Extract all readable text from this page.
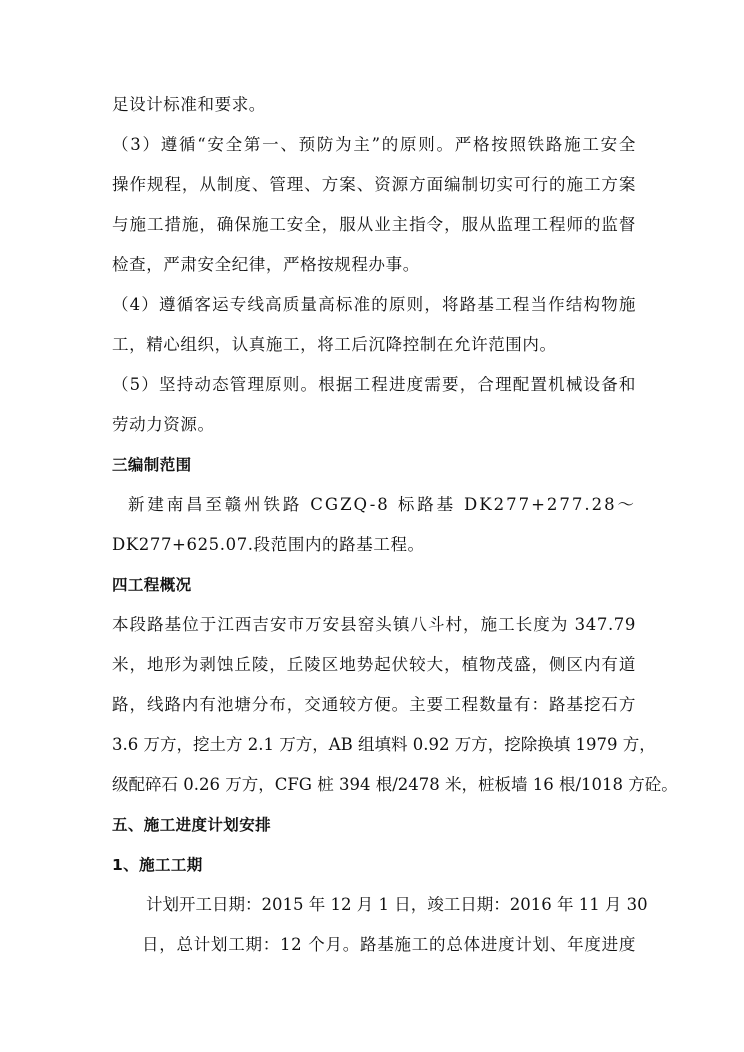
足设计标准和要求。
（3）遵循“安全第一、预防为主”的原则。严格按照铁路施工安全
操作规程，从制度、管理、方案、资源方面编制切实可行的施工方案
与施工措施，确保施工安全，服从业主指令，服从监理工程师的监督
检查，严肃安全纪律，严格按规程办事。
（4）遵循客运专线高质量高标准的原则，将路基工程当作结构物施
工，精心组织，认真施工，将工后沉降控制在允许范围内。
（5）坚持动态管理原则。根据工程进度需要，合理配置机械设备和
劳动力资源。
三编制范围
新建南昌至赣州铁路 CGZQ-8 标路基 DK277+277.28～
DK277+625.07.段范围内的路基工程。
四工程概况
本段路基位于江西吉安市万安县窑头镇八斗村，施工长度为 347.79
米，地形为剥蚀丘陵，丘陵区地势起伏较大，植物茂盛，侧区内有道
路，线路内有池塘分布，交通较方便。主要工程数量有：路基挖石方
3.6 万方，挖土方 2.1 万方，AB 组填料 0.92 万方，挖除换填 1979 方，
级配碎石 0.26 万方，CFG 桩 394 根/2478 米，桩板墙 16 根/1018 方砼。
五、施工进度计划安排
1、施工工期
计划开工日期：2015 年 12 月 1 日，竣工日期：2016 年 11 月 30
日，总计划工期：12 个月。路基施工的总体进度计划、年度进度
